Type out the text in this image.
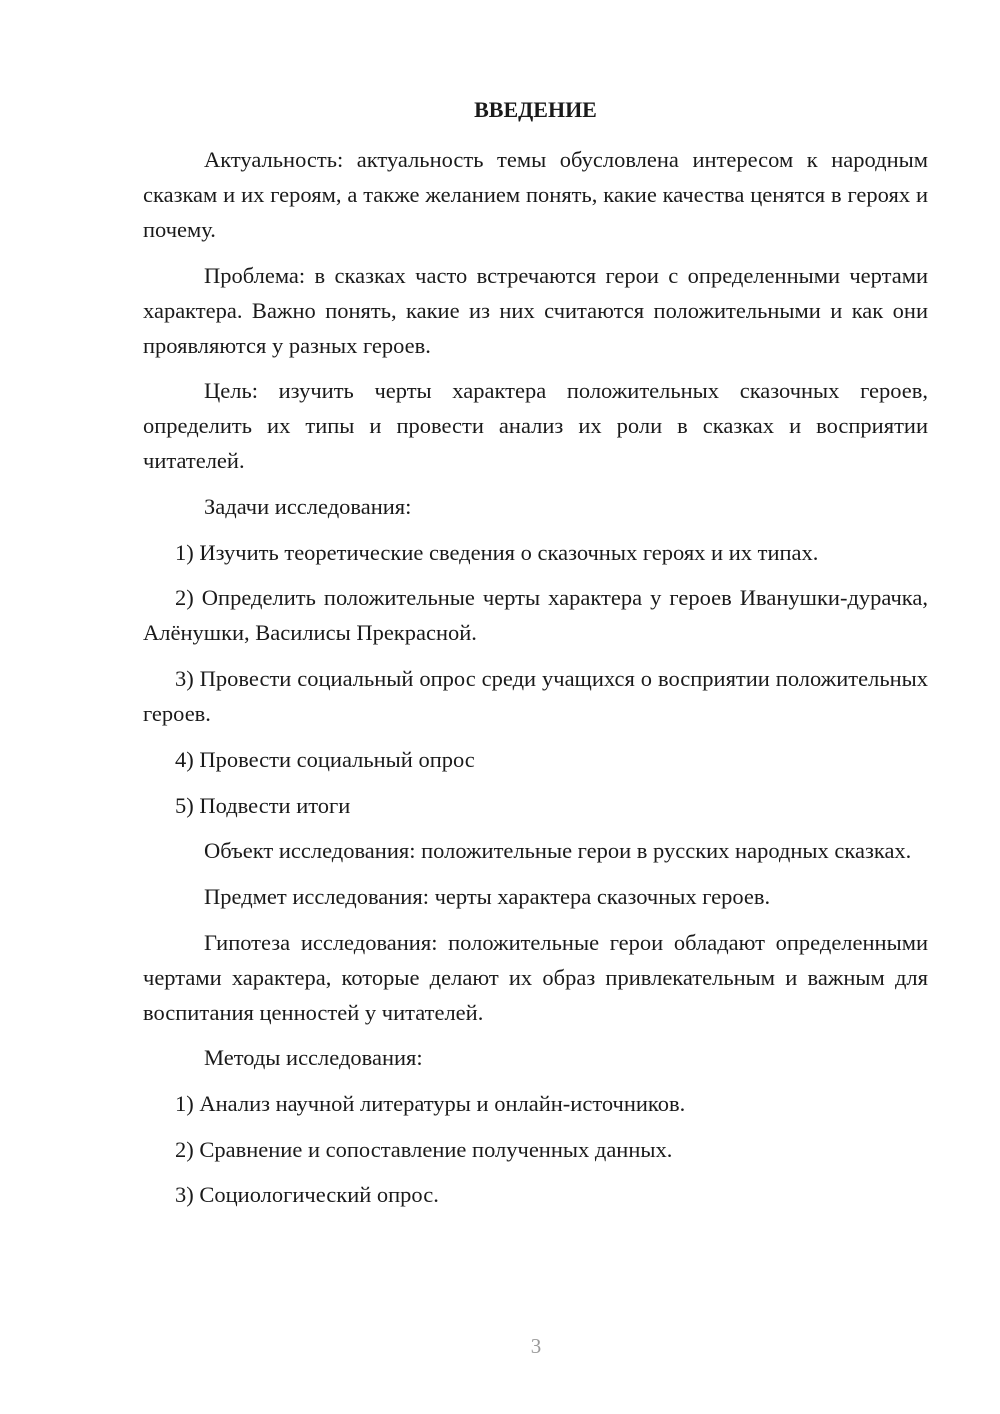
ВВЕДЕНИЕ

Актуальность: актуальность темы обусловлена интересом к народным сказкам и их героям, а также желанием понять, какие качества ценятся в героях и почему.

Проблема: в сказках часто встречаются герои с определенными чертами характера. Важно понять, какие из них считаются положительными и как они проявляются у разных героев.

Цель: изучить черты характера положительных сказочных героев, определить их типы и провести анализ их роли в сказках и восприятии читателей.

Задачи исследования:

1) Изучить теоретические сведения о сказочных героях и их типах.

2) Определить положительные черты характера у героев Иванушки-дурачка, Алёнушки, Василисы Прекрасной.

3) Провести социальный опрос среди учащихся о восприятии положительных героев.

4) Провести социальный опрос

5) Подвести итоги

Объект исследования: положительные герои в русских народных сказках.

Предмет исследования: черты характера сказочных героев.

Гипотеза исследования: положительные герои обладают определенными чертами характера, которые делают их образ привлекательным и важным для воспитания ценностей у читателей.

Методы исследования:

1) Анализ научной литературы и онлайн-источников.

2) Сравнение и сопоставление полученных данных.

3) Социологический опрос.

3
